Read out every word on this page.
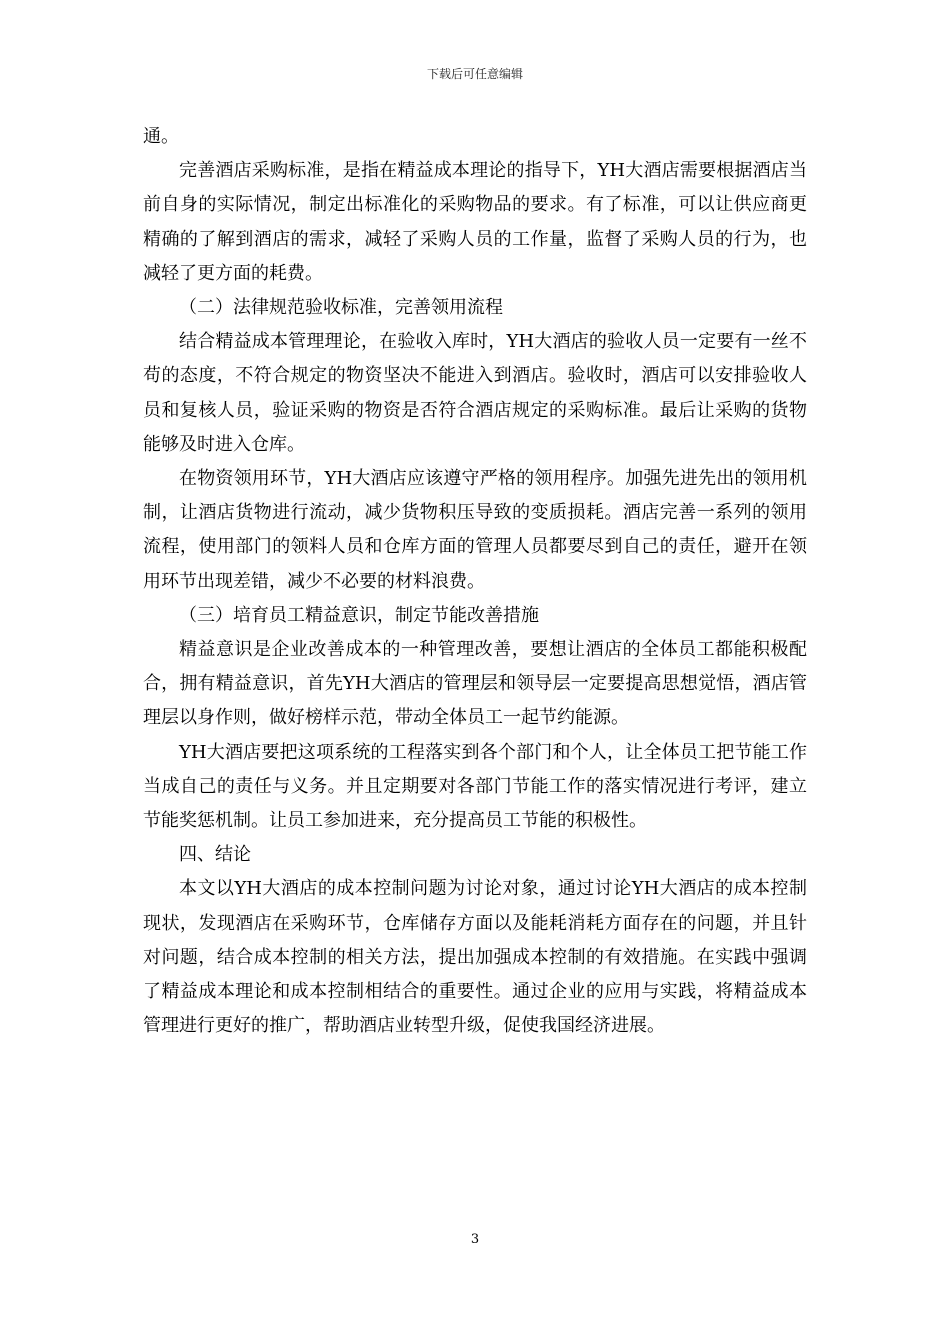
下载后可任意编辑

通。

完善酒店采购标准，是指在精益成本理论的指导下，YH大酒店需要根据酒店当前自身的实际情况，制定出标准化的采购物品的要求。有了标准，可以让供应商更精确的了解到酒店的需求，减轻了采购人员的工作量，监督了采购人员的行为，也减轻了更方面的耗费。

（二）法律规范验收标准，完善领用流程

结合精益成本管理理论，在验收入库时，YH大酒店的验收人员一定要有一丝不苟的态度，不符合规定的物资坚决不能进入到酒店。验收时，酒店可以安排验收人员和复核人员，验证采购的物资是否符合酒店规定的采购标准。最后让采购的货物能够及时进入仓库。

在物资领用环节，YH大酒店应该遵守严格的领用程序。加强先进先出的领用机制，让酒店货物进行流动，减少货物积压导致的变质损耗。酒店完善一系列的领用流程，使用部门的领料人员和仓库方面的管理人员都要尽到自己的责任，避开在领用环节出现差错，减少不必要的材料浪费。

（三）培育员工精益意识，制定节能改善措施

精益意识是企业改善成本的一种管理改善，要想让酒店的全体员工都能积极配合，拥有精益意识，首先YH大酒店的管理层和领导层一定要提高思想觉悟，酒店管理层以身作则，做好榜样示范，带动全体员工一起节约能源。

YH大酒店要把这项系统的工程落实到各个部门和个人，让全体员工把节能工作当成自己的责任与义务。并且定期要对各部门节能工作的落实情况进行考评，建立节能奖惩机制。让员工参加进来，充分提高员工节能的积极性。

四、结论

本文以YH大酒店的成本控制问题为讨论对象，通过讨论YH大酒店的成本控制现状，发现酒店在采购环节，仓库储存方面以及能耗消耗方面存在的问题，并且针对问题，结合成本控制的相关方法，提出加强成本控制的有效措施。在实践中强调了精益成本理论和成本控制相结合的重要性。通过企业的应用与实践，将精益成本管理进行更好的推广，帮助酒店业转型升级，促使我国经济进展。

3
